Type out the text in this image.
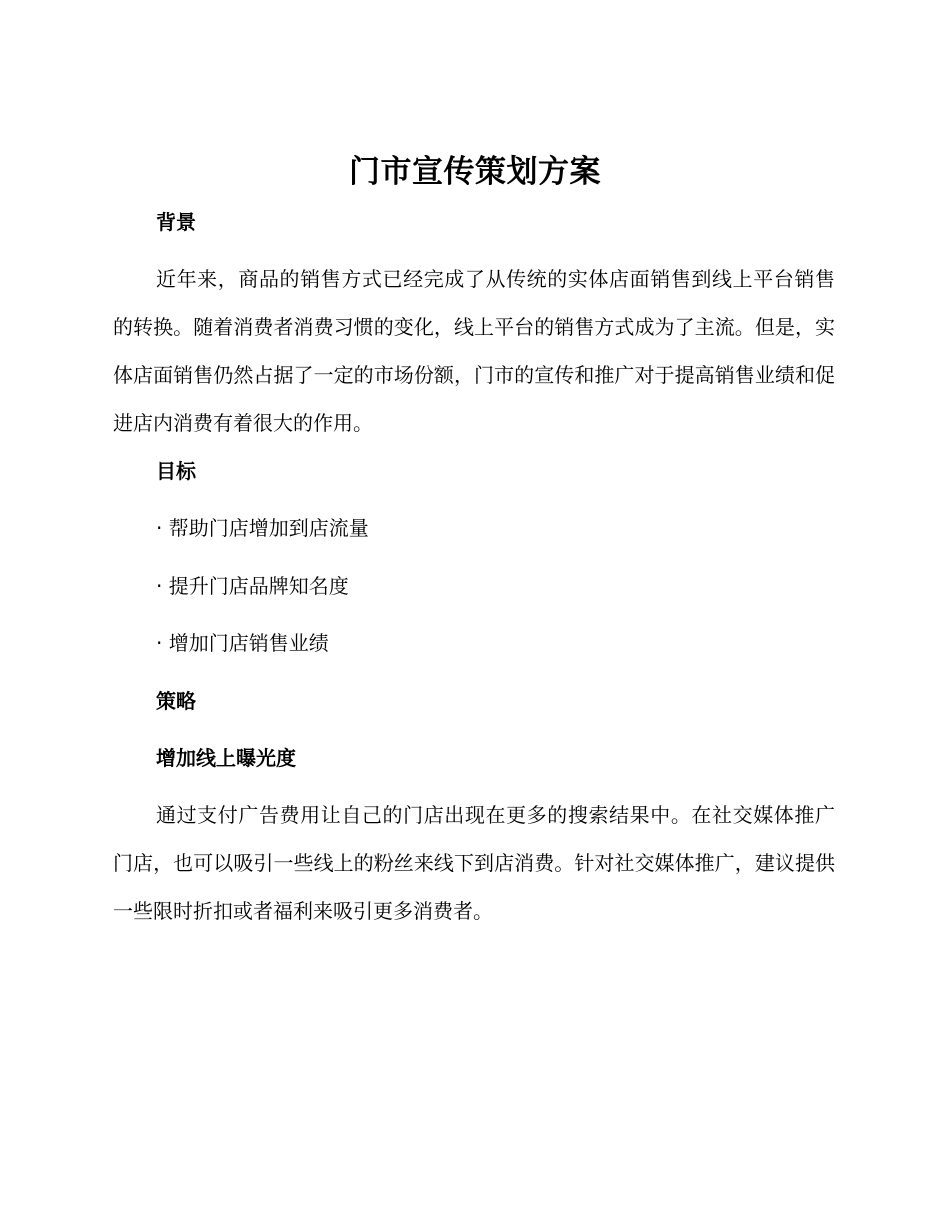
门市宣传策划方案
背景

近年来，商品的销售方式已经完成了从传统的实体店面销售到线上平台销售的转换。随着消费者消费习惯的变化，线上平台的销售方式成为了主流。但是，实体店面销售仍然占据了一定的市场份额，门市的宣传和推广对于提高销售业绩和促进店内消费有着很大的作用。

目标
· 帮助门店增加到店流量
· 提升门店品牌知名度
· 增加门店销售业绩
策略
增加线上曝光度

通过支付广告费用让自己的门店出现在更多的搜索结果中。在社交媒体推广门店，也可以吸引一些线上的粉丝来线下到店消费。针对社交媒体推广，建议提供一些限时折扣或者福利来吸引更多消费者。
